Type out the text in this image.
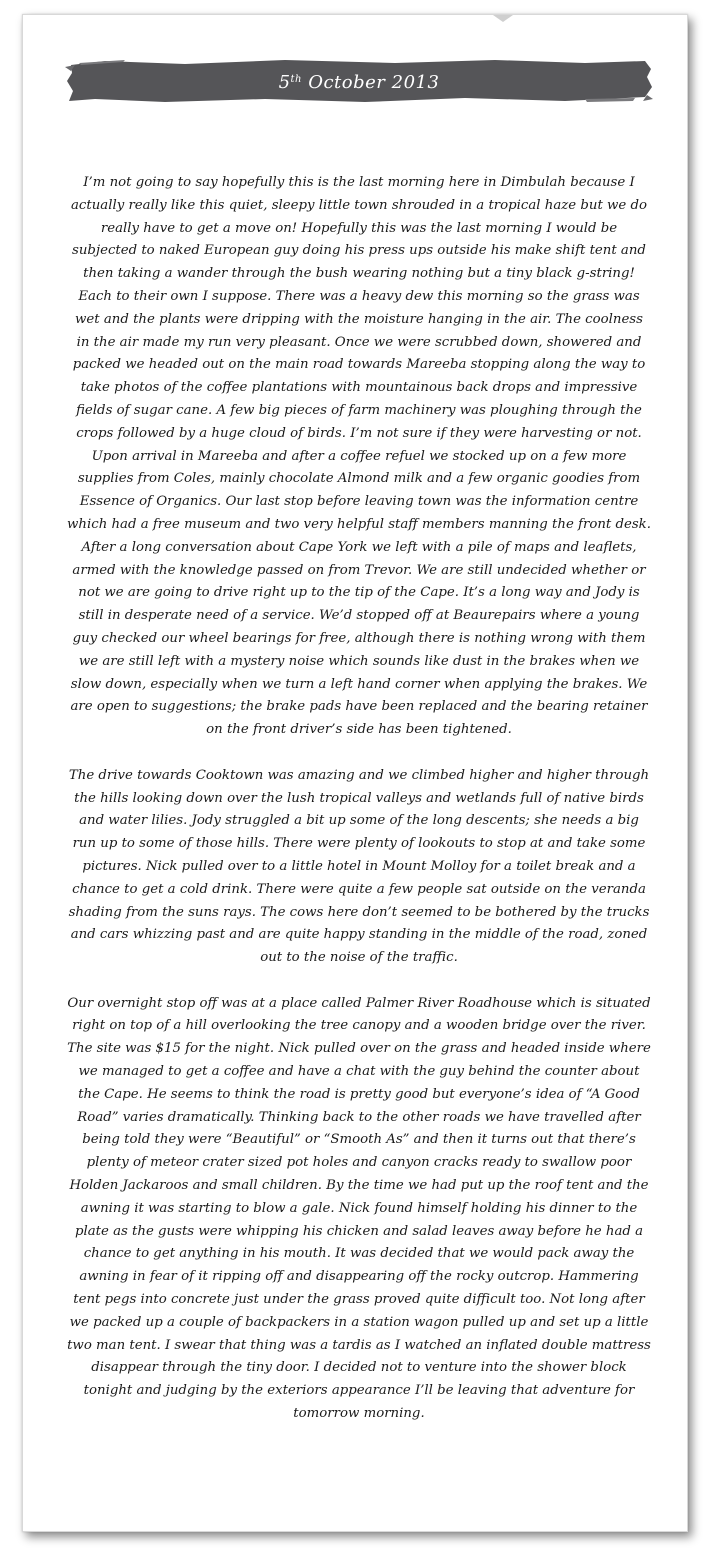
5th October 2013

I’m not going to say hopefully this is the last morning here in Dimbulah because I actually really like this quiet, sleepy little town shrouded in a tropical haze but we do really have to get a move on! Hopefully this was the last morning I would be subjected to naked European guy doing his press ups outside his make shift tent and then taking a wander through the bush wearing nothing but a tiny black g-string! Each to their own I suppose. There was a heavy dew this morning so the grass was wet and the plants were dripping with the moisture hanging in the air. The coolness in the air made my run very pleasant. Once we were scrubbed down, showered and packed we headed out on the main road towards Mareeba stopping along the way to take photos of the coffee plantations with mountainous back drops and impressive fields of sugar cane. A few big pieces of farm machinery was ploughing through the crops followed by a huge cloud of birds. I’m not sure if they were harvesting or not. Upon arrival in Mareeba and after a coffee refuel we stocked up on a few more supplies from Coles, mainly chocolate Almond milk and a few organic goodies from Essence of Organics. Our last stop before leaving town was the information centre which had a free museum and two very helpful staff members manning the front desk. After a long conversation about Cape York we left with a pile of maps and leaflets, armed with the knowledge passed on from Trevor. We are still undecided whether or not we are going to drive right up to the tip of the Cape. It’s a long way and Jody is still in desperate need of a service. We’d stopped off at Beaurepairs where a young guy checked our wheel bearings for free, although there is nothing wrong with them we are still left with a mystery noise which sounds like dust in the brakes when we slow down, especially when we turn a left hand corner when applying the brakes. We are open to suggestions; the brake pads have been replaced and the bearing retainer on the front driver’s side has been tightened.

The drive towards Cooktown was amazing and we climbed higher and higher through the hills looking down over the lush tropical valleys and wetlands full of native birds and water lilies. Jody struggled a bit up some of the long descents; she needs a big run up to some of those hills. There were plenty of lookouts to stop at and take some pictures. Nick pulled over to a little hotel in Mount Molloy for a toilet break and a chance to get a cold drink. There were quite a few people sat outside on the veranda shading from the suns rays. The cows here don’t seemed to be bothered by the trucks and cars whizzing past and are quite happy standing in the middle of the road, zoned out to the noise of the traffic.

Our overnight stop off was at a place called Palmer River Roadhouse which is situated right on top of a hill overlooking the tree canopy and a wooden bridge over the river. The site was $15 for the night. Nick pulled over on the grass and headed inside where we managed to get a coffee and have a chat with the guy behind the counter about the Cape. He seems to think the road is pretty good but everyone’s idea of “A Good Road” varies dramatically. Thinking back to the other roads we have travelled after being told they were “Beautiful” or “Smooth As” and then it turns out that there’s plenty of meteor crater sized pot holes and canyon cracks ready to swallow poor Holden Jackaroos and small children. By the time we had put up the roof tent and the awning it was starting to blow a gale. Nick found himself holding his dinner to the plate as the gusts were whipping his chicken and salad leaves away before he had a chance to get anything in his mouth. It was decided that we would pack away the awning in fear of it ripping off and disappearing off the rocky outcrop. Hammering tent pegs into concrete just under the grass proved quite difficult too. Not long after we packed up a couple of backpackers in a station wagon pulled up and set up a little two man tent. I swear that thing was a tardis as I watched an inflated double mattress disappear through the tiny door. I decided not to venture into the shower block tonight and judging by the exteriors appearance I’ll be leaving that adventure for tomorrow morning.
